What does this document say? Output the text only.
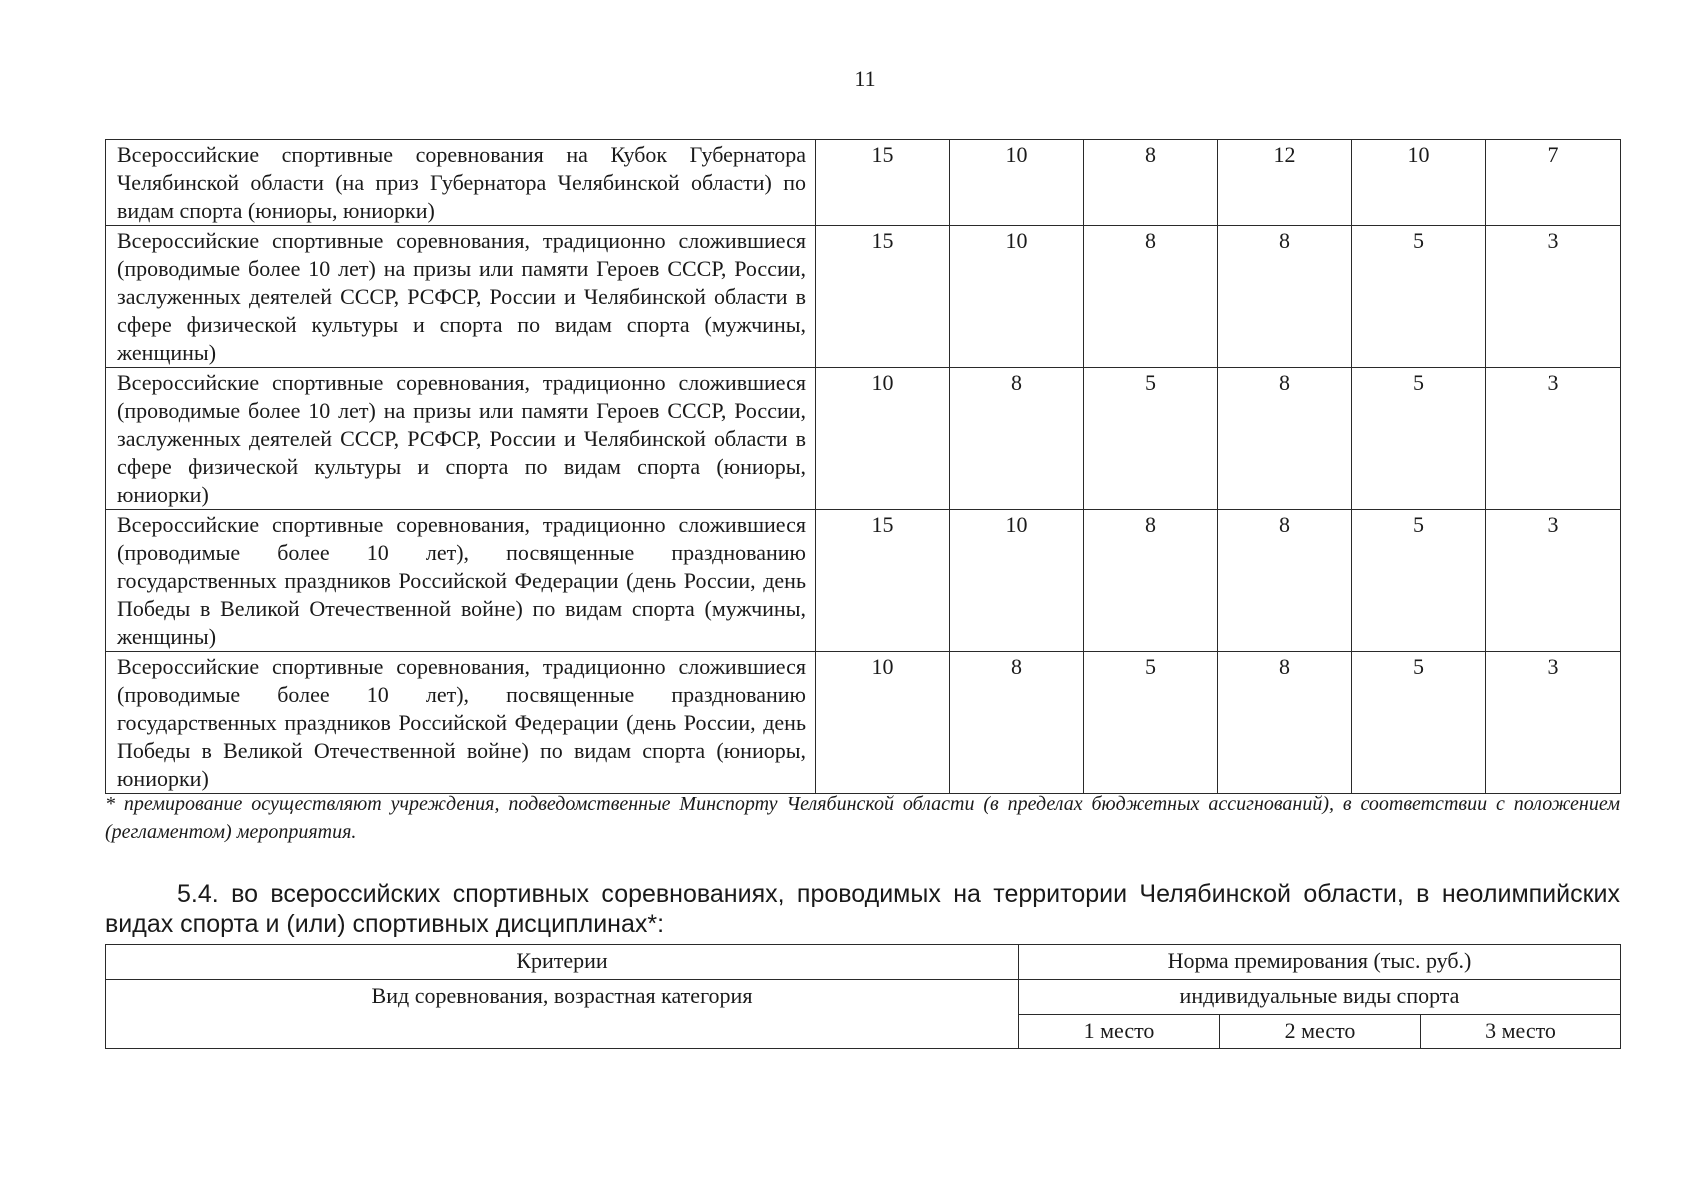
11
Всероссийские спортивные соревнования на Кубок Губернатора Челябинской области (на приз Губернатора Челябинской области) по видам спорта (юниоры, юниорки)	15	10	8	12	10	7
Всероссийские спортивные соревнования, традиционно сложившиеся (проводимые более 10 лет) на призы или памяти Героев СССР, России, заслуженных деятелей СССР, РСФСР, России и Челябинской области в сфере физической культуры и спорта по видам спорта (мужчины, женщины)	15	10	8	8	5	3
Всероссийские спортивные соревнования, традиционно сложившиеся (проводимые более 10 лет) на призы или памяти Героев СССР, России, заслуженных деятелей СССР, РСФСР, России и Челябинской области в сфере физической культуры и спорта по видам спорта (юниоры, юниорки)	10	8	5	8	5	3
Всероссийские спортивные соревнования, традиционно сложившиеся (проводимые более 10 лет), посвященные празднованию государственных праздников Российской Федерации (день России, день Победы в Великой Отечественной войне) по видам спорта (мужчины, женщины)	15	10	8	8	5	3
Всероссийские спортивные соревнования, традиционно сложившиеся (проводимые более 10 лет), посвященные празднованию государственных праздников Российской Федерации (день России, день Победы в Великой Отечественной войне) по видам спорта (юниоры, юниорки)	10	8	5	8	5	3
* премирование осуществляют учреждения, подведомственные Минспорту Челябинской области (в пределах бюджетных ассигнований), в соответствии с положением (регламентом) мероприятия.
5.4. во всероссийских спортивных соревнованиях, проводимых на территории Челябинской области, в неолимпийских видах спорта и (или) спортивных дисциплинах*:
Критерии	Норма премирования (тыс. руб.)		
Вид соревнования, возрастная категория	индивидуальные виды спорта		
	1 место	2 место	3 место
